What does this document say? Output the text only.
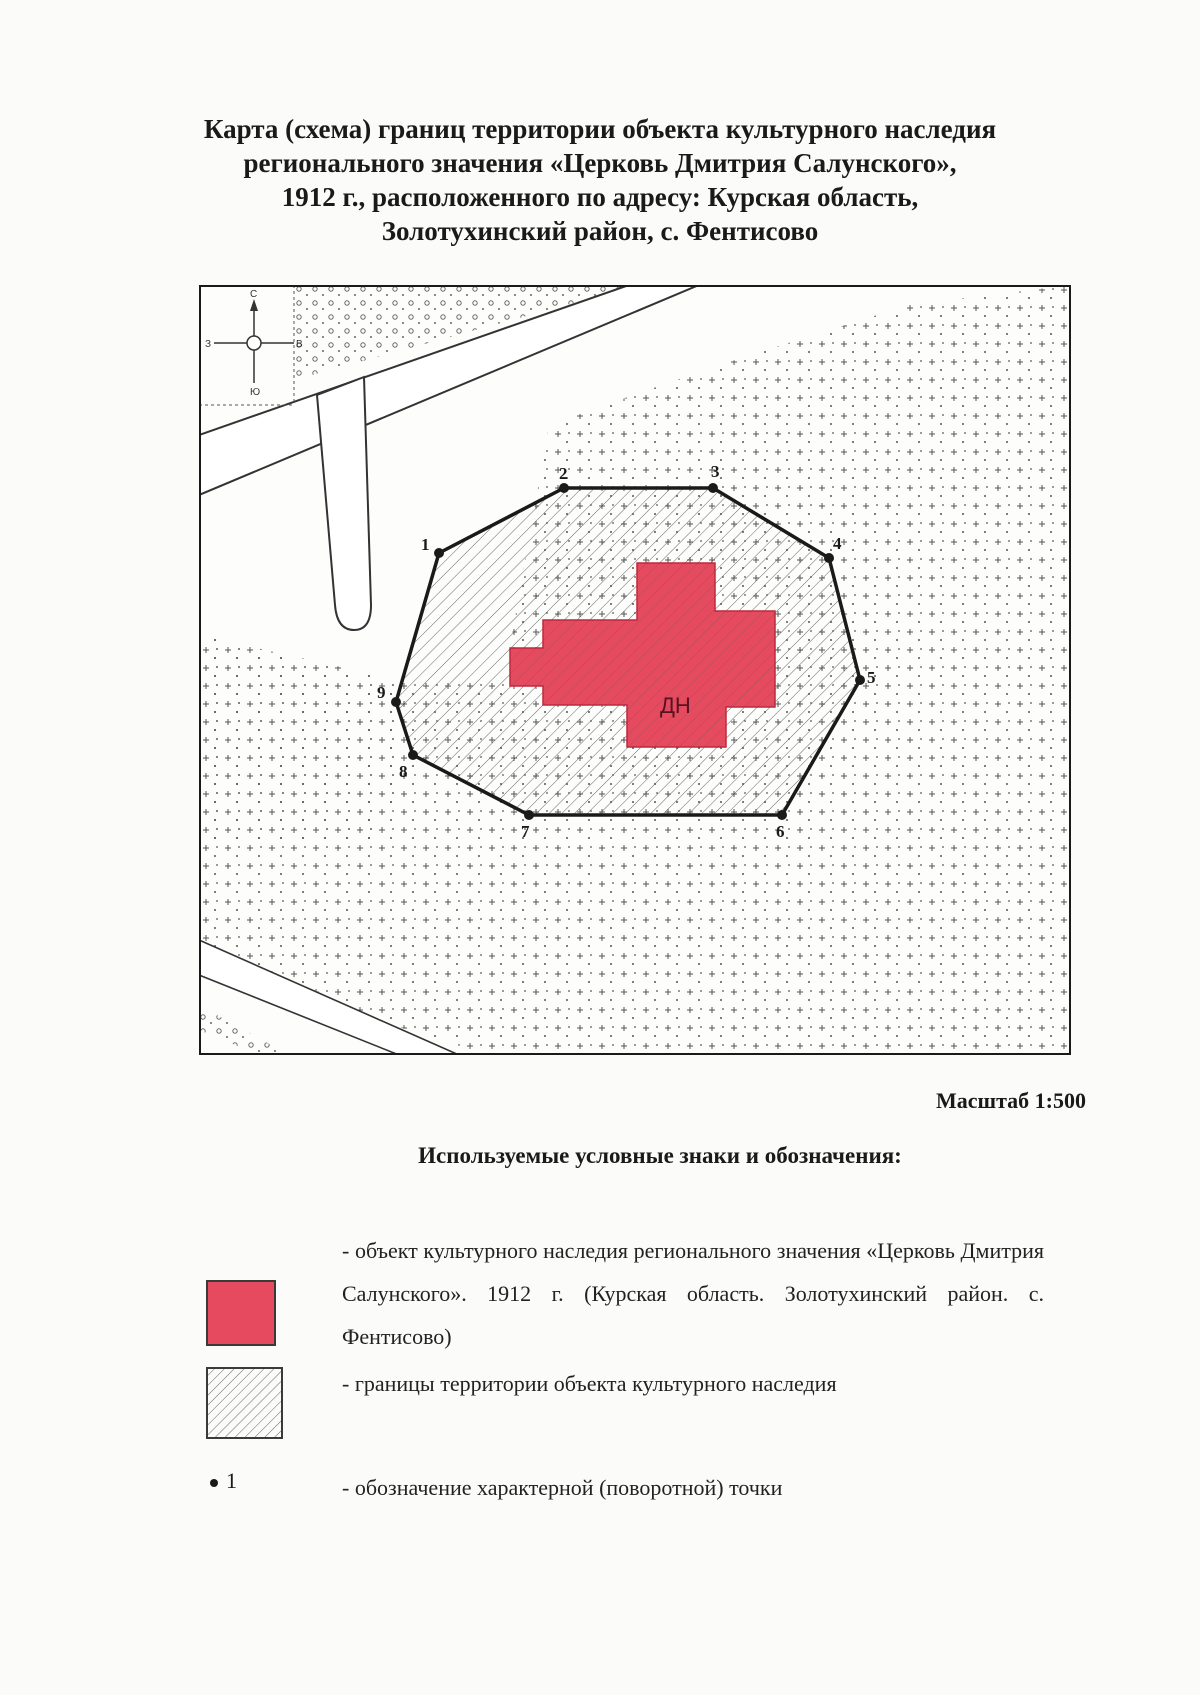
Карта (схема) границ территории объекта культурного наследия
регионального значения «Церковь Дмитрия Салунского»,
1912 г., расположенного по адресу: Курская область,
Золотухинский район, с. Фентисово
ДН
1
2	3
4
5
6
7
8
9
С
Ю
З	В
Масштаб 1:500
Используемые условные знаки и обозначения:
- объект культурного наследия регионального значения «Церковь Дмитрия Салунского». 1912 г. (Курская область. Золотухинский район. с. Фентисово)
- границы территории объекта культурного наследия
1	- обозначение характерной (поворотной) точки
